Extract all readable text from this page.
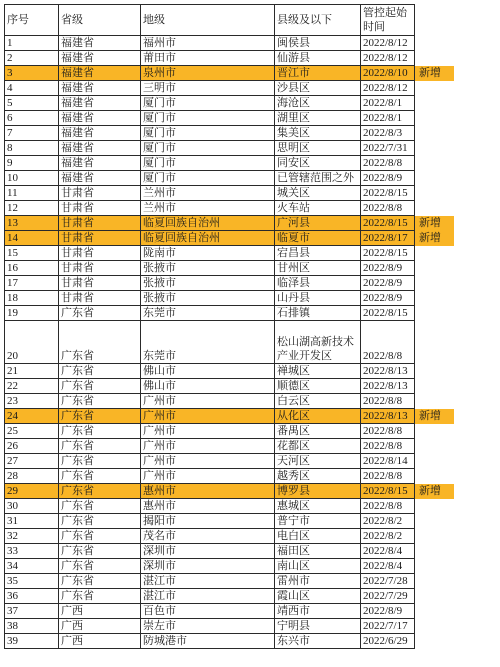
序号	省级	地级	县级及以下	管控起始
时间	

1	福建省	福州市	闽侯县	2022/8/12	
2	福建省	莆田市	仙游县	2022/8/12	
3	福建省	泉州市	晋江市	2022/8/10	新增
4	福建省	三明市	沙县区	2022/8/12	
5	福建省	厦门市	海沧区	2022/8/1	
6	福建省	厦门市	湖里区	2022/8/1	
7	福建省	厦门市	集美区	2022/8/3	
8	福建省	厦门市	思明区	2022/7/31	
9	福建省	厦门市	同安区	2022/8/8	
10	福建省	厦门市	已管辖范围之外	2022/8/9	
11	甘肃省	兰州市	城关区	2022/8/15	
12	甘肃省	兰州市	火车站	2022/8/8	
13	甘肃省	临夏回族自治州	广河县	2022/8/15	新增
14	甘肃省	临夏回族自治州	临夏市	2022/8/17	新增
15	甘肃省	陇南市	宕昌县	2022/8/15	
16	甘肃省	张掖市	甘州区	2022/8/9	
17	甘肃省	张掖市	临泽县	2022/8/9	
18	甘肃省	张掖市	山丹县	2022/8/9	
19	广东省	东莞市	石排镇	2022/8/15	
20	广东省	东莞市	松山湖高新技术产业开发区	2022/8/8	
21	广东省	佛山市	禅城区	2022/8/13	
22	广东省	佛山市	顺德区	2022/8/13	
23	广东省	广州市	白云区	2022/8/8	
24	广东省	广州市	从化区	2022/8/13	新增
25	广东省	广州市	番禺区	2022/8/8	
26	广东省	广州市	花都区	2022/8/8	
27	广东省	广州市	天河区	2022/8/14	
28	广东省	广州市	越秀区	2022/8/8	
29	广东省	惠州市	博罗县	2022/8/15	新增
30	广东省	惠州市	惠城区	2022/8/8	
31	广东省	揭阳市	普宁市	2022/8/2	
32	广东省	茂名市	电白区	2022/8/2	
33	广东省	深圳市	福田区	2022/8/4	
34	广东省	深圳市	南山区	2022/8/4	
35	广东省	湛江市	雷州市	2022/7/28	
36	广东省	湛江市	霞山区	2022/7/29	
37	广西	百色市	靖西市	2022/8/9	
38	广西	崇左市	宁明县	2022/7/17	
39	广西	防城港市	东兴市	2022/6/29	
